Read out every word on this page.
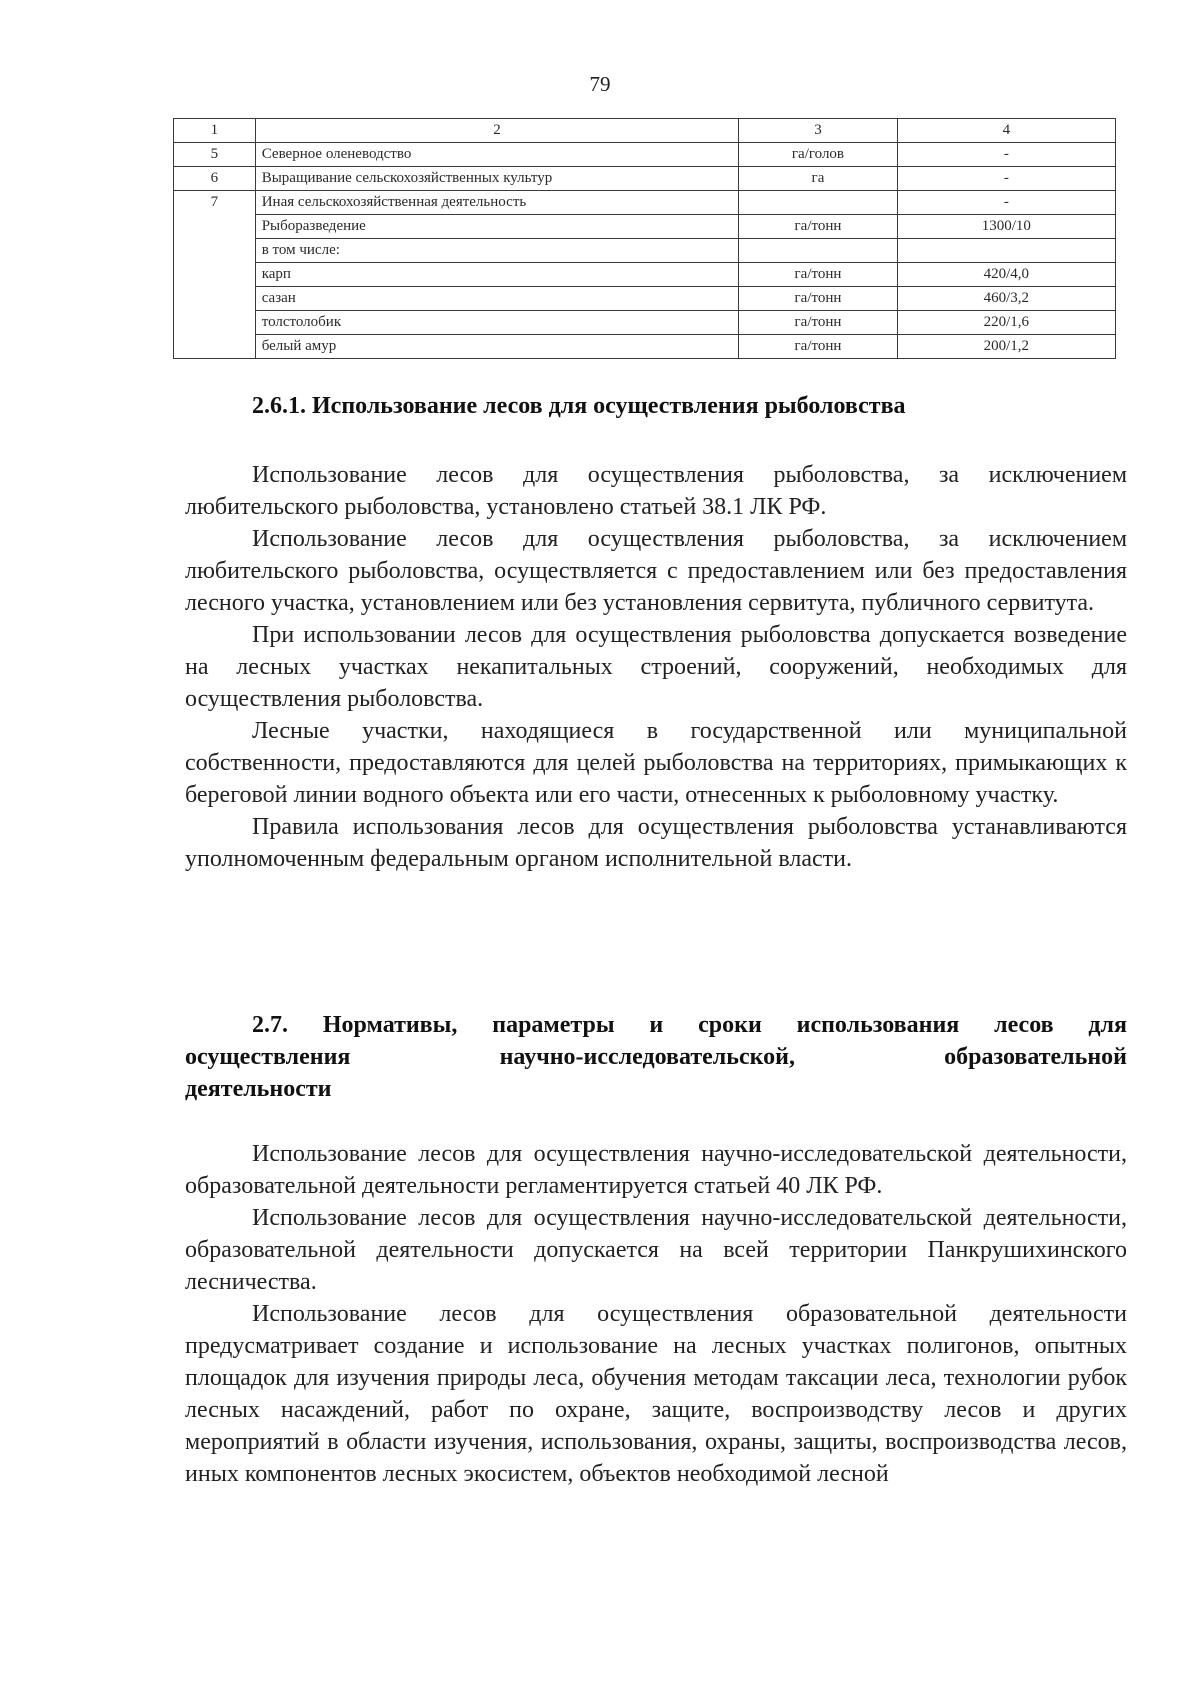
79
1	2	3	4
5	Северное оленеводство	га/голов	-
6	Выращивание сельскохозяйственных культур	га	-
7	Иная сельскохозяйственная деятельность		-
	Рыборазведение	га/тонн	1300/10
	в том числе:		
	карп	га/тонн	420/4,0
	сазан	га/тонн	460/3,2
	толстолобик	га/тонн	220/1,6
	белый амур	га/тонн	200/1,2
2.6.1. Использование лесов для осуществления рыболовства

Использование лесов для осуществления рыболовства, за исключением любительского рыболовства, установлено статьей 38.1 ЛК РФ.

Использование лесов для осуществления рыболовства, за исключением любительского рыболовства, осуществляется с предоставлением или без предоставления лесного участка, установлением или без установления сервитута, публичного сервитута.

При использовании лесов для осуществления рыболовства допускается возведение на лесных участках некапитальных строений, сооружений, необходимых для осуществления рыболовства.

Лесные участки, находящиеся в государственной или муниципальной собственности, предоставляются для целей рыболовства на территориях, примыкающих к береговой линии водного объекта или его части, отнесенных к рыболовному участку.

Правила использования лесов для осуществления рыболовства устанавливаются уполномоченным федеральным органом исполнительной власти.

2.7. Нормативы, параметры и сроки использования лесов для
осуществления научно-исследовательской, образовательной
деятельности

Использование лесов для осуществления научно-исследовательской деятельности, образовательной деятельности регламентируется статьей 40 ЛК РФ.

Использование лесов для осуществления научно-исследовательской деятельности, образовательной деятельности допускается на всей территории Панкрушихинского лесничества.

Использование лесов для осуществления образовательной деятельности предусматривает создание и использование на лесных участках полигонов, опытных площадок для изучения природы леса, обучения методам таксации леса, технологии рубок лесных насаждений, работ по охране, защите, воспроизводству лесов и других мероприятий в области изучения, использования, охраны, защиты, воспроизводства лесов, иных компонентов лесных экосистем, объектов необходимой лесной
